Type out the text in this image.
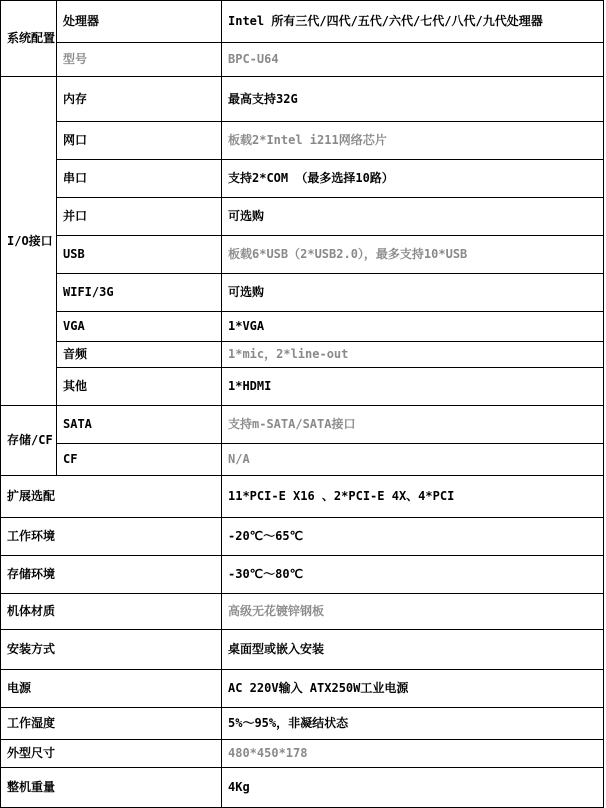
系统配置	处理器	Intel 所有三代/四代/五代/六代/七代/八代/九代处理器
	型号	BPC-U64
I/O接口	内存	最高支持32G
	网口	板载2*Intel i211网络芯片
	串口	支持2*COM （最多选择10路）
	并口	可选购
	USB	板载6*USB（2*USB2.0），最多支持10*USB
	WIFI/3G	可选购
	VGA	1*VGA
	音频	1*mic，2*line-out
	其他	1*HDMI
存储/CF	SATA	支持m-SATA/SATA接口
	CF	N/A
扩展选配		11*PCI-E X16 、2*PCI-E 4X、4*PCI
工作环境		-20℃～65℃
存储环境		-30℃～80℃
机体材质		高级无花镀锌钢板
安装方式		桌面型或嵌入安装
电源		AC 220V输入 ATX250W工业电源
工作湿度		5%～95%，非凝结状态
外型尺寸		480*450*178
整机重量		4Kg
